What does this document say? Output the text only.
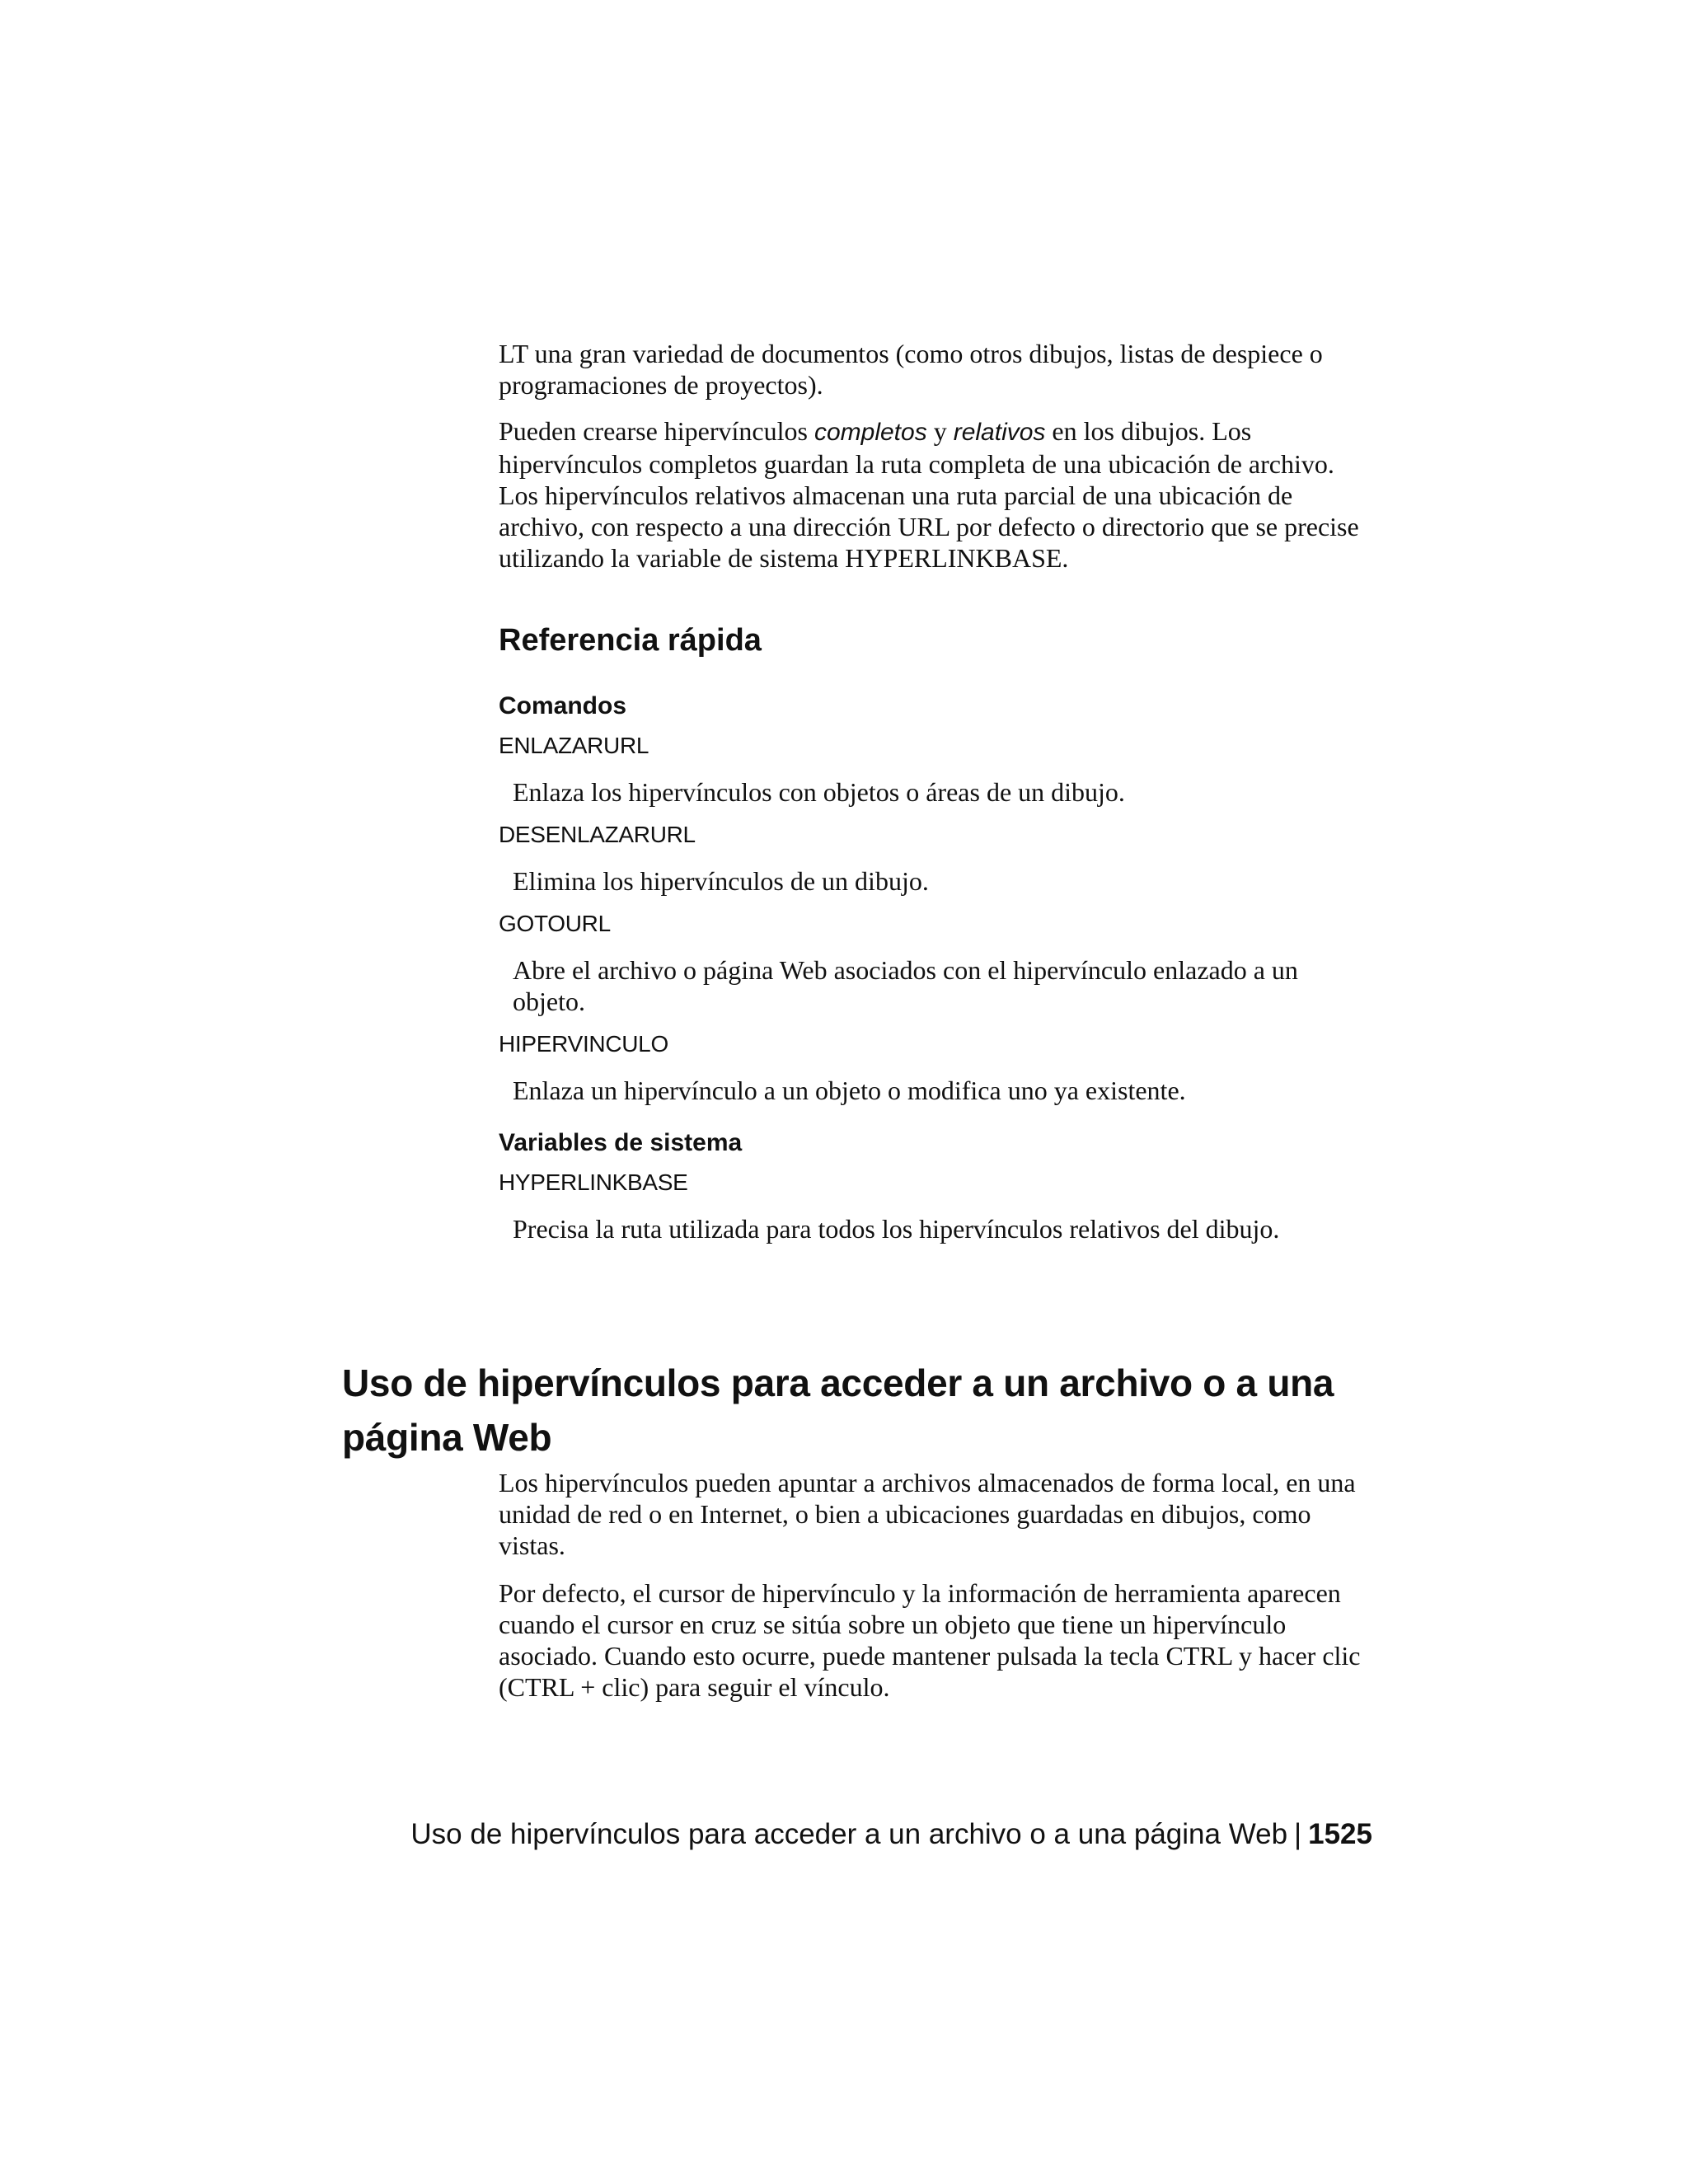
LT una gran variedad de documentos (como otros dibujos, listas de despiece o programaciones de proyectos).

Pueden crearse hipervínculos completos y relativos en los dibujos. Los hipervínculos completos guardan la ruta completa de una ubicación de archivo. Los hipervínculos relativos almacenan una ruta parcial de una ubicación de archivo, con respecto a una dirección URL por defecto o directorio que se precise utilizando la variable de sistema HYPERLINKBASE.

Referencia rápida
Comandos
ENLAZARURL

Enlaza los hipervínculos con objetos o áreas de un dibujo.

DESENLAZARURL

Elimina los hipervínculos de un dibujo.

GOTOURL

Abre el archivo o página Web asociados con el hipervínculo enlazado a un objeto.

HIPERVINCULO

Enlaza un hipervínculo a un objeto o modifica uno ya existente.

Variables de sistema
HYPERLINKBASE

Precisa la ruta utilizada para todos los hipervínculos relativos del dibujo.

Uso de hipervínculos para acceder a un archivo o a una página Web

Los hipervínculos pueden apuntar a archivos almacenados de forma local, en una unidad de red o en Internet, o bien a ubicaciones guardadas en dibujos, como vistas.

Por defecto, el cursor de hipervínculo y la información de herramienta aparecen cuando el cursor en cruz se sitúa sobre un objeto que tiene un hipervínculo asociado. Cuando esto ocurre, puede mantener pulsada la tecla CTRL y hacer clic (CTRL + clic) para seguir el vínculo.

Uso de hipervínculos para acceder a un archivo o a una página Web | 1525
